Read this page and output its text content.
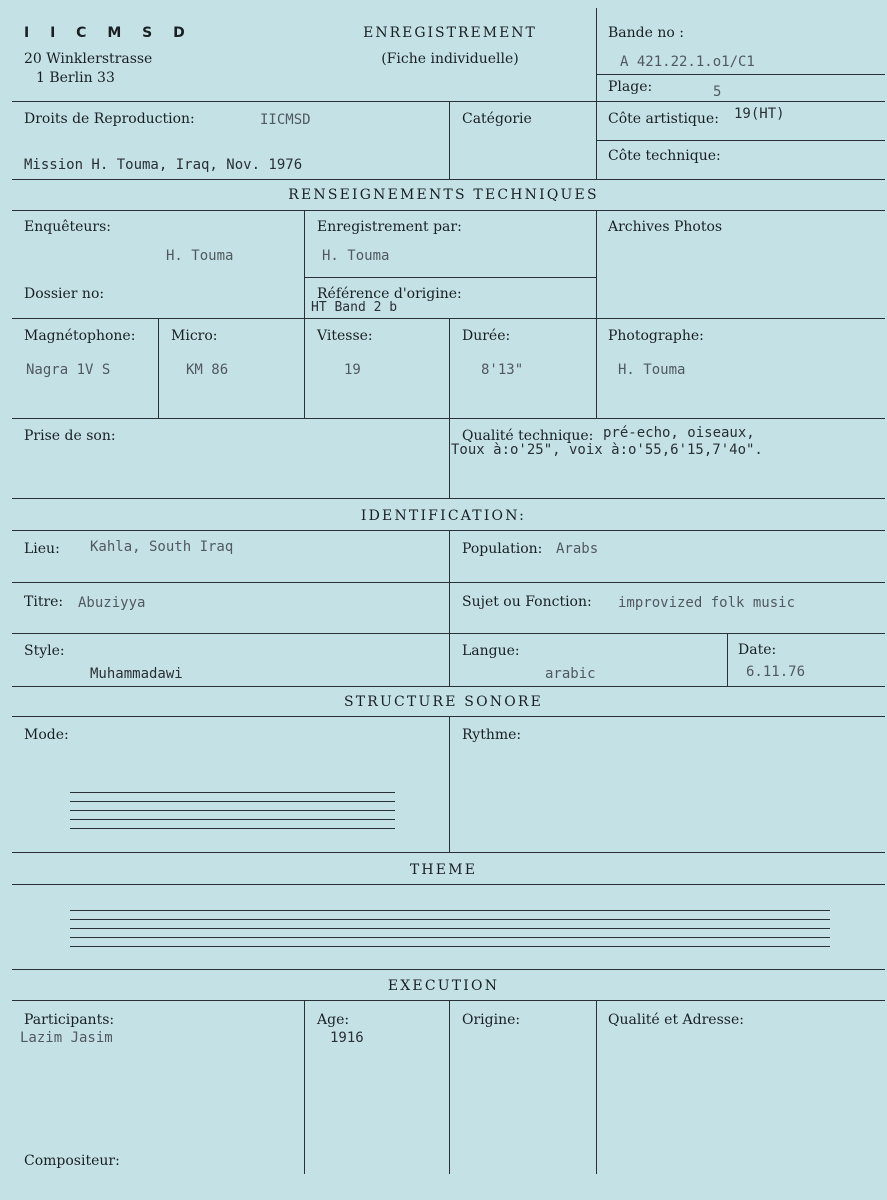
I I C M S D
20 Winklerstrasse
1 Berlin 33
ENREGISTREMENT
(Fiche individuelle)
Bande no :
A 421.22.1.o1/C1
Plage:	5
Droits de Reproduction:	IICMSD
Mission H. Touma, Iraq, Nov. 1976
Catégorie	Côte artistique: 19(HT)
Côte technique:
RENSEIGNEMENTS TECHNIQUES
Enquêteurs:
H. Touma
Enregistrement par:
H. Touma
Archives Photos
Dossier no:	Référence d'origine:
HT Band 2 b
Magnétophone:
Nagra 1V S
Micro:
KM 86
Vitesse:
19
Durée:
8'13"
Photographe:
H. Touma
Prise de son:	Qualité technique: pré-echo, oiseaux,
Toux à:o'25", voix à:o'55,6'15,7'4o".
IDENTIFICATION:
Lieu: Kahla, South Iraq	Population: Arabs
Titre: Abuziyya	Sujet ou Fonction: improvized folk music
Style:
Muhammadawi
Langue:
arabic
Date:
6.11.76
STRUCTURE SONORE
Mode:	Rythme:
THEME
EXECUTION
Participants:
Lazim Jasim
Age:
1916
Origine:	Qualité et Adresse:
Compositeur:
